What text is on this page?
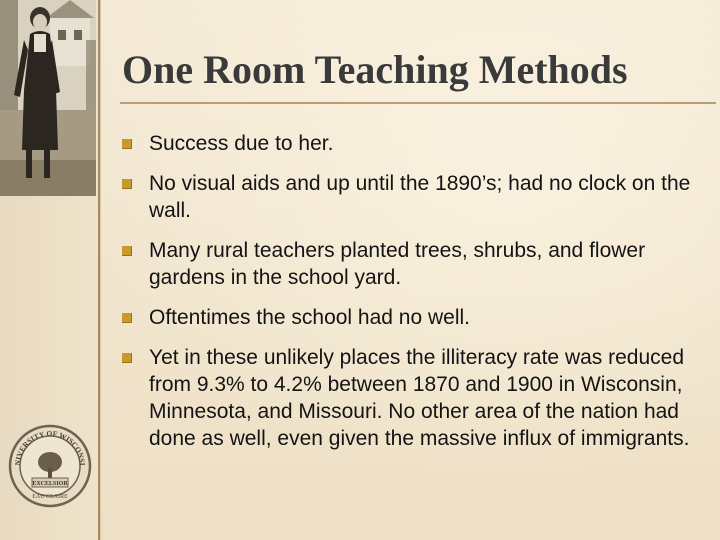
NIVERSITY OF WISCONSI
EXCELSIOR
EAU CLAIRE
One Room Teaching Methods
Success due to her.
No visual aids and up until the 1890’s; had no clock on the wall.
Many rural teachers planted trees, shrubs, and flower gardens in the school yard.
Oftentimes the school had no well.
Yet in these unlikely places the illiteracy rate was reduced from 9.3% to 4.2% between 1870 and 1900 in Wisconsin, Minnesota, and Missouri. No other area of the nation had done as well, even given the massive influx of immigrants.
